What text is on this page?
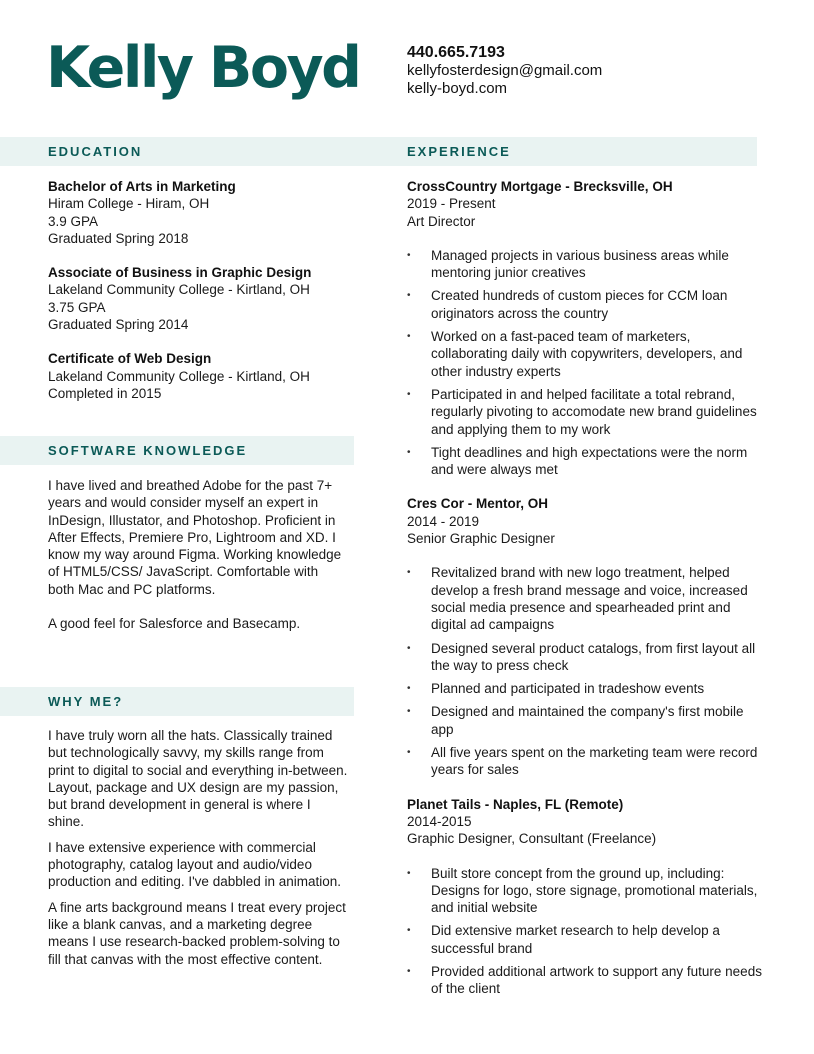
Kelly Boyd	440.665.7193
kellyfosterdesign@gmail.com
kelly-boyd.com
EDUCATION	EXPERIENCE
SOFTWARE KNOWLEDGE
WHY ME?
Bachelor of Arts in Marketing
Hiram College - Hiram, OH
3.9 GPA
Graduated Spring 2018
Associate of Business in Graphic Design
Lakeland Community College - Kirtland, OH
3.75 GPA
Graduated Spring 2014
Certificate of Web Design
Lakeland Community College - Kirtland, OH
Completed in 2015
I have lived and breathed Adobe for the past 7+ years and would consider myself an expert in InDesign, Illustator, and Photoshop. Proficient in After Effects, Premiere Pro, Lightroom and XD. I know my way around Figma. Working knowledge of HTML5/CSS/ JavaScript. Comfortable with both Mac and PC platforms.
A good feel for Salesforce and Basecamp.
I have truly worn all the hats. Classically trained but technologically savvy, my skills range from print to digital to social and everything in-between. Layout, package and UX design are my passion, but brand development in general is where I shine.
I have extensive experience with commercial photography, catalog layout and audio/video production and editing. I've dabbled in animation.
A fine arts background means I treat every project like a blank canvas, and a marketing degree means I use research-backed problem-solving to fill that canvas with the most effective content.
CrossCountry Mortgage - Brecksville, OH
2019 - Present
Art Director
• Managed projects in various business areas while mentoring junior creatives
• Created hundreds of custom pieces for CCM loan originators across the country
• Worked on a fast-paced team of marketers, collaborating daily with copywriters, developers, and other industry experts
• Participated in and helped facilitate a total rebrand, regularly pivoting to accomodate new brand guidelines and applying them to my work
• Tight deadlines and high expectations were the norm and were always met
Cres Cor - Mentor, OH
2014 - 2019
Senior Graphic Designer
• Revitalized brand with new logo treatment, helped develop a fresh brand message and voice, increased social media presence and spearheaded print and digital ad campaigns
• Designed several product catalogs, from first layout all the way to press check
• Planned and participated in tradeshow events
• Designed and maintained the company's first mobile app
• All five years spent on the marketing team were record years for sales
Planet Tails - Naples, FL (Remote)
2014-2015
Graphic Designer, Consultant (Freelance)
• Built store concept from the ground up, including: Designs for logo, store signage, promotional materials, and initial website
• Did extensive market research to help develop a successful brand
• Provided additional artwork to support any future needs of the client
